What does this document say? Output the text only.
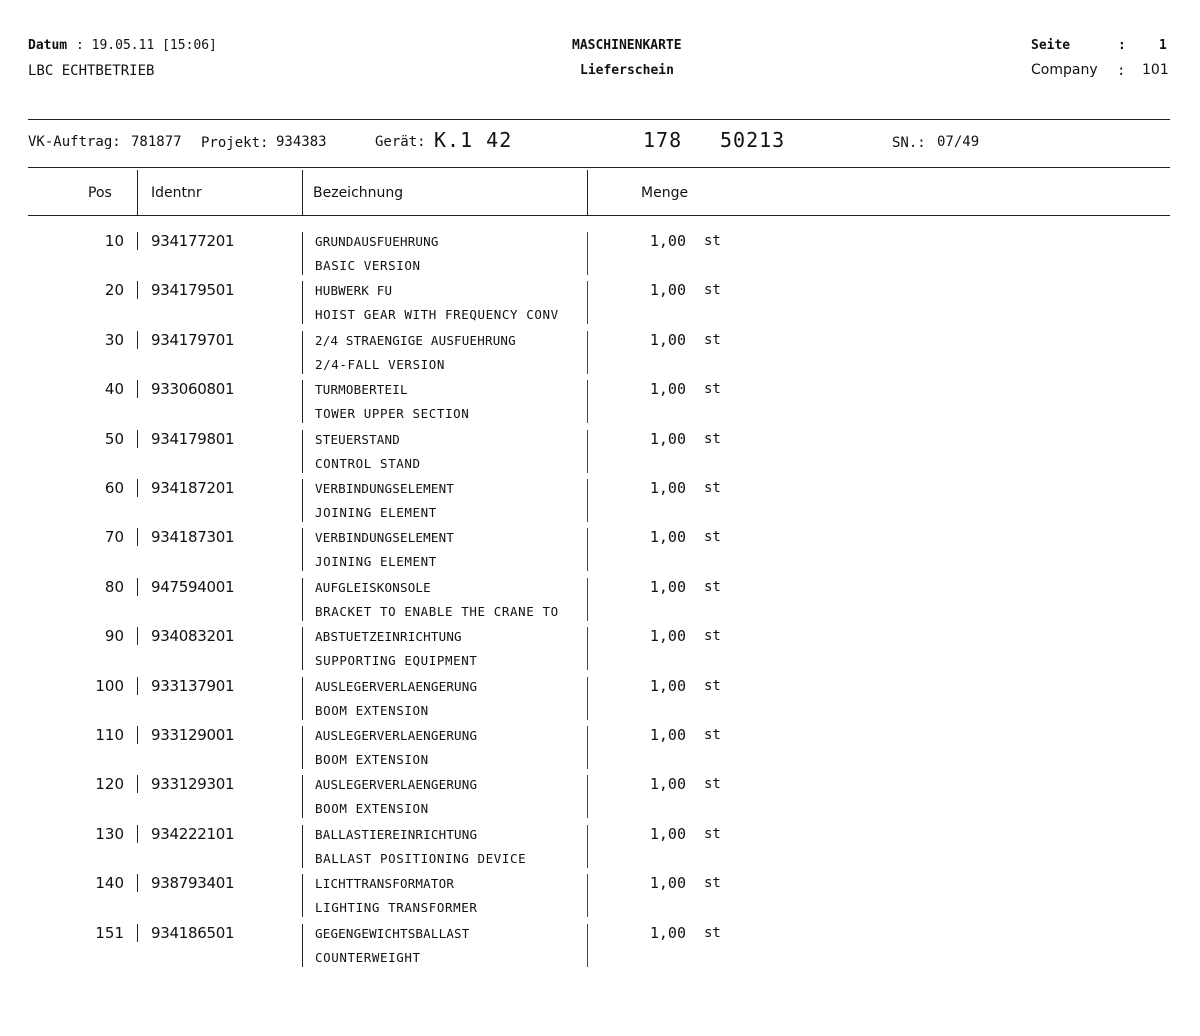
Datum : 19.05.11 [15:06]
LBC ECHTBETRIEB
MASCHINENKARTE
Lieferschein
Seite	:	1
Company : 101
VK-Auftrag: 781877 Projekt: 934383	Gerät: K.1 42	178 50213	SN.: 07/49
Pos	Identnr	Bezeichnung	Menge
10 934177201	GRUNDAUSFUEHRUNG
BASIC VERSION
1,00 st
20 934179501	HUBWERK FU
HOIST GEAR WITH FREQUENCY CONV
1,00 st
30 934179701	2/4 STRAENGIGE AUSFUEHRUNG
2/4-FALL VERSION
1,00 st
40 933060801	TURMOBERTEIL
TOWER UPPER SECTION
1,00 st
50 934179801	STEUERSTAND
CONTROL STAND
1,00 st
60 934187201	VERBINDUNGSELEMENT
JOINING ELEMENT
1,00 st
70 934187301	VERBINDUNGSELEMENT
JOINING ELEMENT
1,00 st
80 947594001	AUFGLEISKONSOLE
BRACKET TO ENABLE THE CRANE TO
1,00 st
90 934083201	ABSTUETZEINRICHTUNG
SUPPORTING EQUIPMENT
1,00 st
100 933137901	AUSLEGERVERLAENGERUNG
BOOM EXTENSION
1,00 st
110 933129001	AUSLEGERVERLAENGERUNG
BOOM EXTENSION
1,00 st
120 933129301	AUSLEGERVERLAENGERUNG
BOOM EXTENSION
1,00 st
130 934222101	BALLASTIEREINRICHTUNG
BALLAST POSITIONING DEVICE
1,00 st
140 938793401	LICHTTRANSFORMATOR
LIGHTING TRANSFORMER
1,00 st
151 934186501	GEGENGEWICHTSBALLAST
COUNTERWEIGHT
1,00 st
